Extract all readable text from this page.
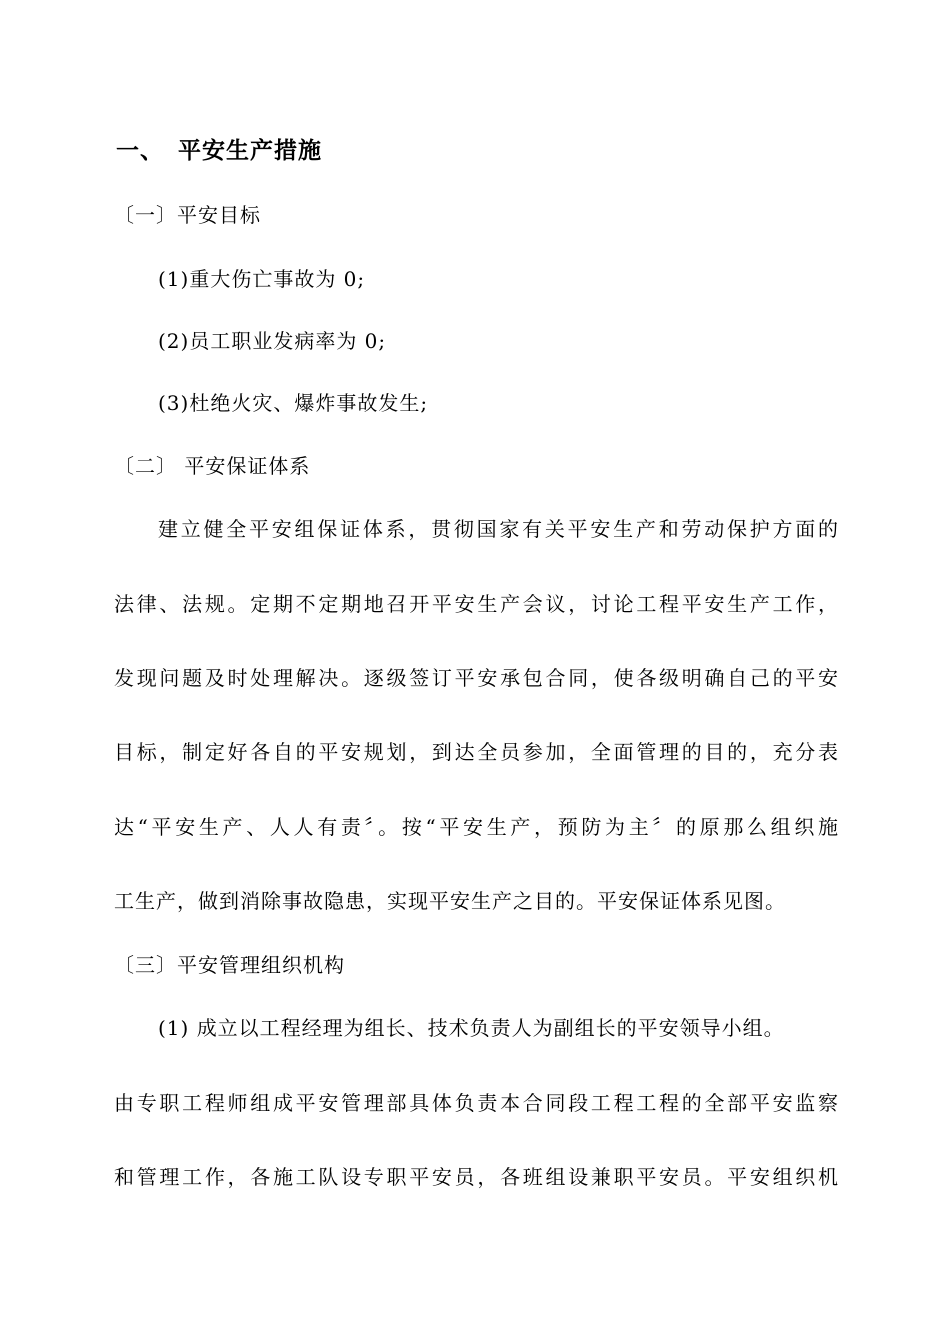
一、 平安生产措施
〔一〕平安目标
(1)重大伤亡事故为 0;
(2)员工职业发病率为 0;
(3)杜绝火灾、爆炸事故发生;
〔二〕 平安保证体系
建立健全平安组保证体系，贯彻国家有关平安生产和劳动保护方面的
法律、法规。定期不定期地召开平安生产会议，讨论工程平安生产工作，
发现问题及时处理解决。逐级签订平安承包合同，使各级明确自己的平安
目标，制定好各自的平安规划，到达全员参加，全面管理的目的，充分表
达“平安生产、人人有责〞。按“平安生产，预防为主〞的原那么组织施
工生产，做到消除事故隐患，实现平安生产之目的。平安保证体系见图。
〔三〕平安管理组织机构
(1) 成立以工程经理为组长、技术负责人为副组长的平安领导小组。
由专职工程师组成平安管理部具体负责本合同段工程工程的全部平安监察
和管理工作，各施工队设专职平安员，各班组设兼职平安员。平安组织机
